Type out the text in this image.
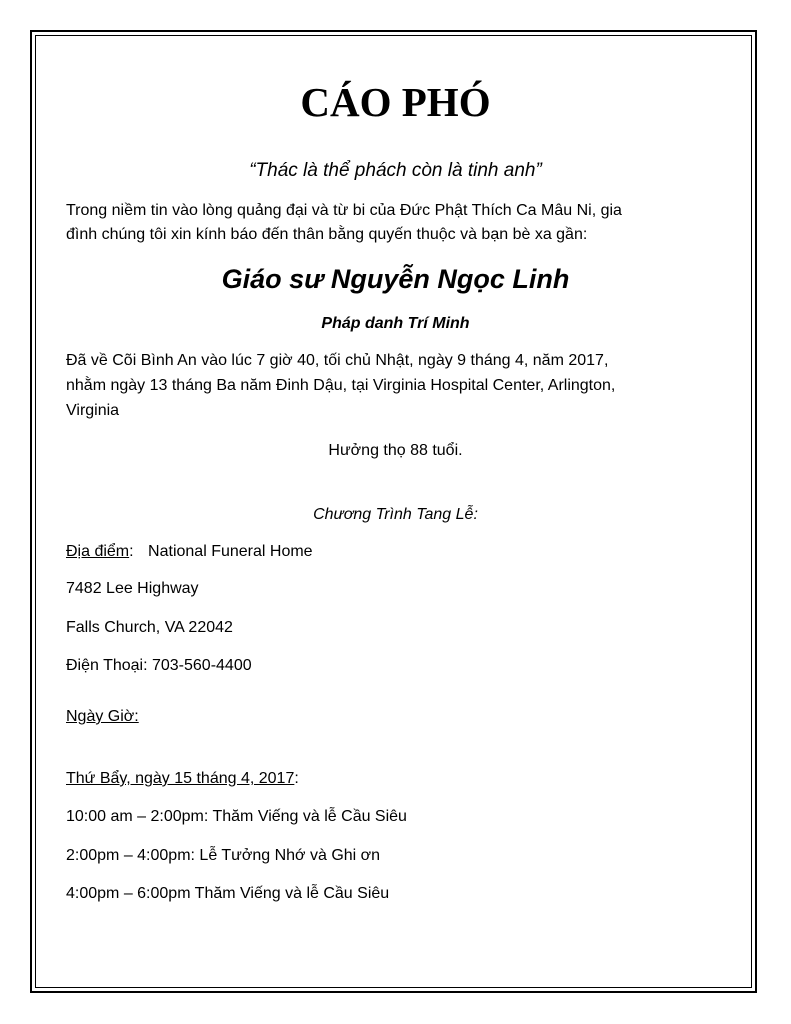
CÁO PHÓ
“Thác là thể phách còn là tinh anh”
Trong niềm tin vào lòng quảng đại và từ bi của Đức Phật Thích Ca Mâu Ni, gia
đình chúng tôi xin kính báo đến thân bằng quyến thuộc và bạn bè xa gần:
Giáo sư Nguyễn Ngọc Linh
Pháp danh Trí Minh
Đã về Cõi Bình An vào lúc 7 giờ 40, tối chủ Nhật, ngày 9 tháng 4, năm 2017,
nhằm ngày 13 tháng Ba năm Đinh Dậu, tại Virginia Hospital Center, Arlington,
Virginia
Hưởng thọ 88 tuổi.
Chương Trình Tang Lễ:
Địa điểm: National Funeral Home
7482 Lee Highway
Falls Church, VA 22042
Điện Thoại: 703-560-4400
Ngày Giờ:
Thứ Bẩy, ngày 15 tháng 4, 2017:
10:00 am – 2:00pm: Thăm Viếng và lễ Cầu Siêu
2:00pm – 4:00pm: Lễ Tưởng Nhớ và Ghi ơn
4:00pm – 6:00pm Thăm Viếng và lễ Cầu Siêu
